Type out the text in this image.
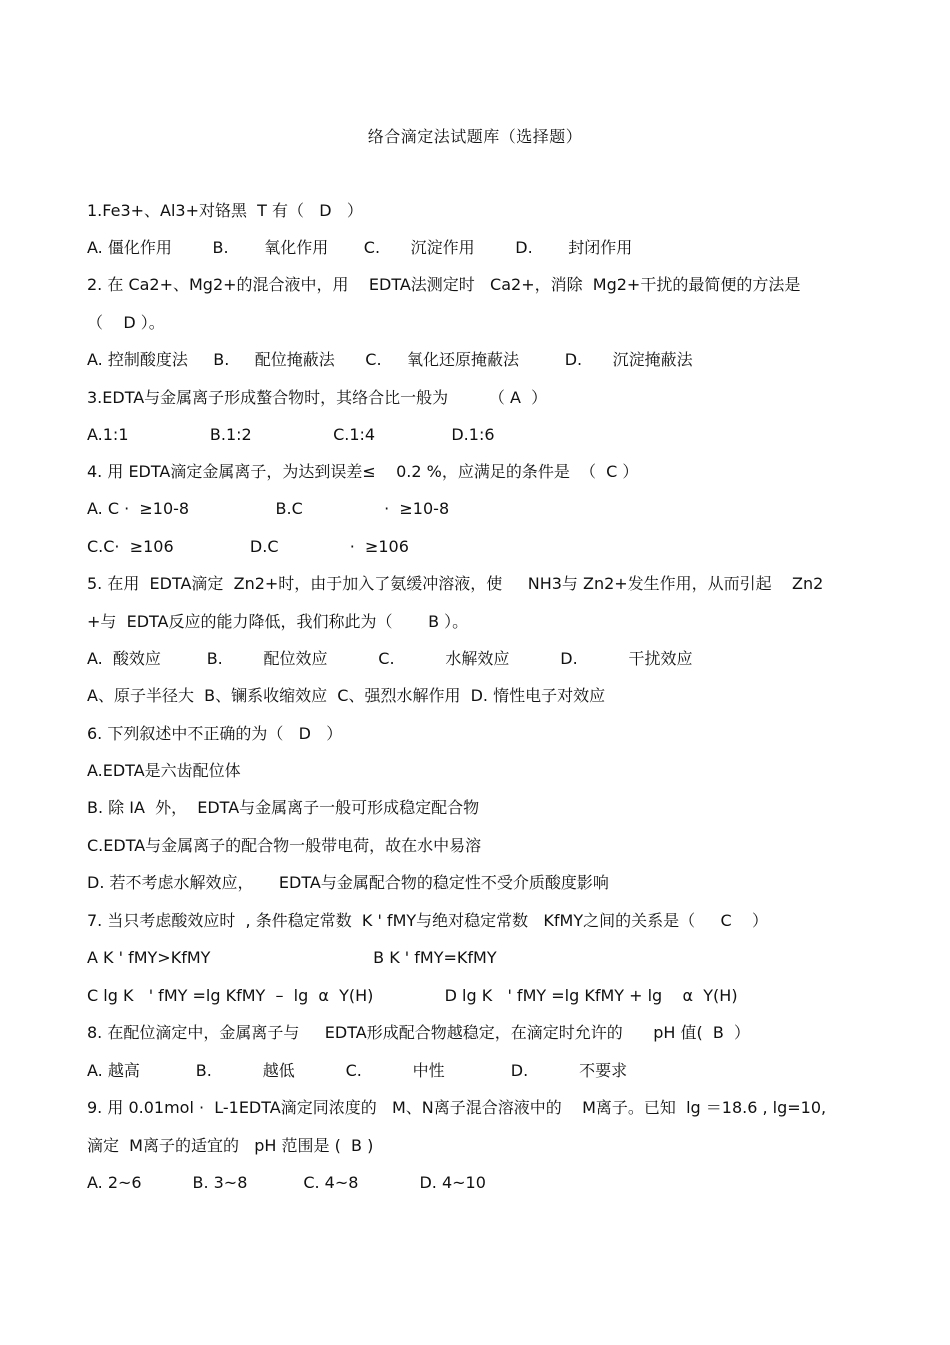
络合滴定法试题库（选择题）
1.Fe3+、Al3+对铬黑  T 有（   D   ）
A. 僵化作用        B.       氧化作用       C.      沉淀作用        D.       封闭作用
2. 在 Ca2+、Mg2+的混合液中，用    EDTA法测定时   Ca2+，消除  Mg2+干扰的最简便的方法是
（    D ）。
A. 控制酸度法     B.     配位掩蔽法      C.     氧化还原掩蔽法         D.      沉淀掩蔽法
3.EDTA与金属离子形成螯合物时，其络合比一般为        （ A  ）
A.1:1                B.1:2                C.1:4               D.1:6
4. 用 EDTA滴定金属离子，为达到误差≤    0.2 %，应满足的条件是  （  C ）
A. C ·  ≥10-8                 B.C                ·  ≥10-8
C.C·  ≥106               D.C              ·  ≥106
5. 在用  EDTA滴定  Zn2+时，由于加入了氨缓冲溶液，使     NH3与 Zn2+发生作用，从而引起    Zn2
+与  EDTA反应的能力降低，我们称此为（       B ）。
A.  酸效应         B.        配位效应          C.          水解效应          D.          干扰效应
A、原子半径大  B、镧系收缩效应  C、强烈水解作用  D. 惰性电子对效应
6. 下列叙述中不正确的为（   D   ）
A.EDTA是六齿配位体
B. 除 IA  外，  EDTA与金属离子一般可形成稳定配合物
C.EDTA与金属离子的配合物一般带电荷，故在水中易溶
D. 若不考虑水解效应，     EDTA与金属配合物的稳定性不受介质酸度影响
7. 当只考虑酸效应时  , 条件稳定常数  K ' fMY与绝对稳定常数   KfMY之间的关系是（     C    ）
A K ' fMY>KfMY                                B K ' fMY=KfMY
C lg K   ' fMY =lg KfMY  –  lg  α  Y(H)              D lg K   ' fMY =lg KfMY + lg    α  Y(H)
8. 在配位滴定中，金属离子与     EDTA形成配合物越稳定，在滴定时允许的      pH 值(  B  ）
A. 越高           B.          越低          C.          中性             D.          不要求
9. 用 0.01mol ·  L-1EDTA滴定同浓度的   M、N离子混合溶液中的    M离子。已知  lg ＝18.6 , lg=10,
滴定  M离子的适宜的   pH 范围是 (  B )
A. 2~6          B. 3~8           C. 4~8            D. 4~10
